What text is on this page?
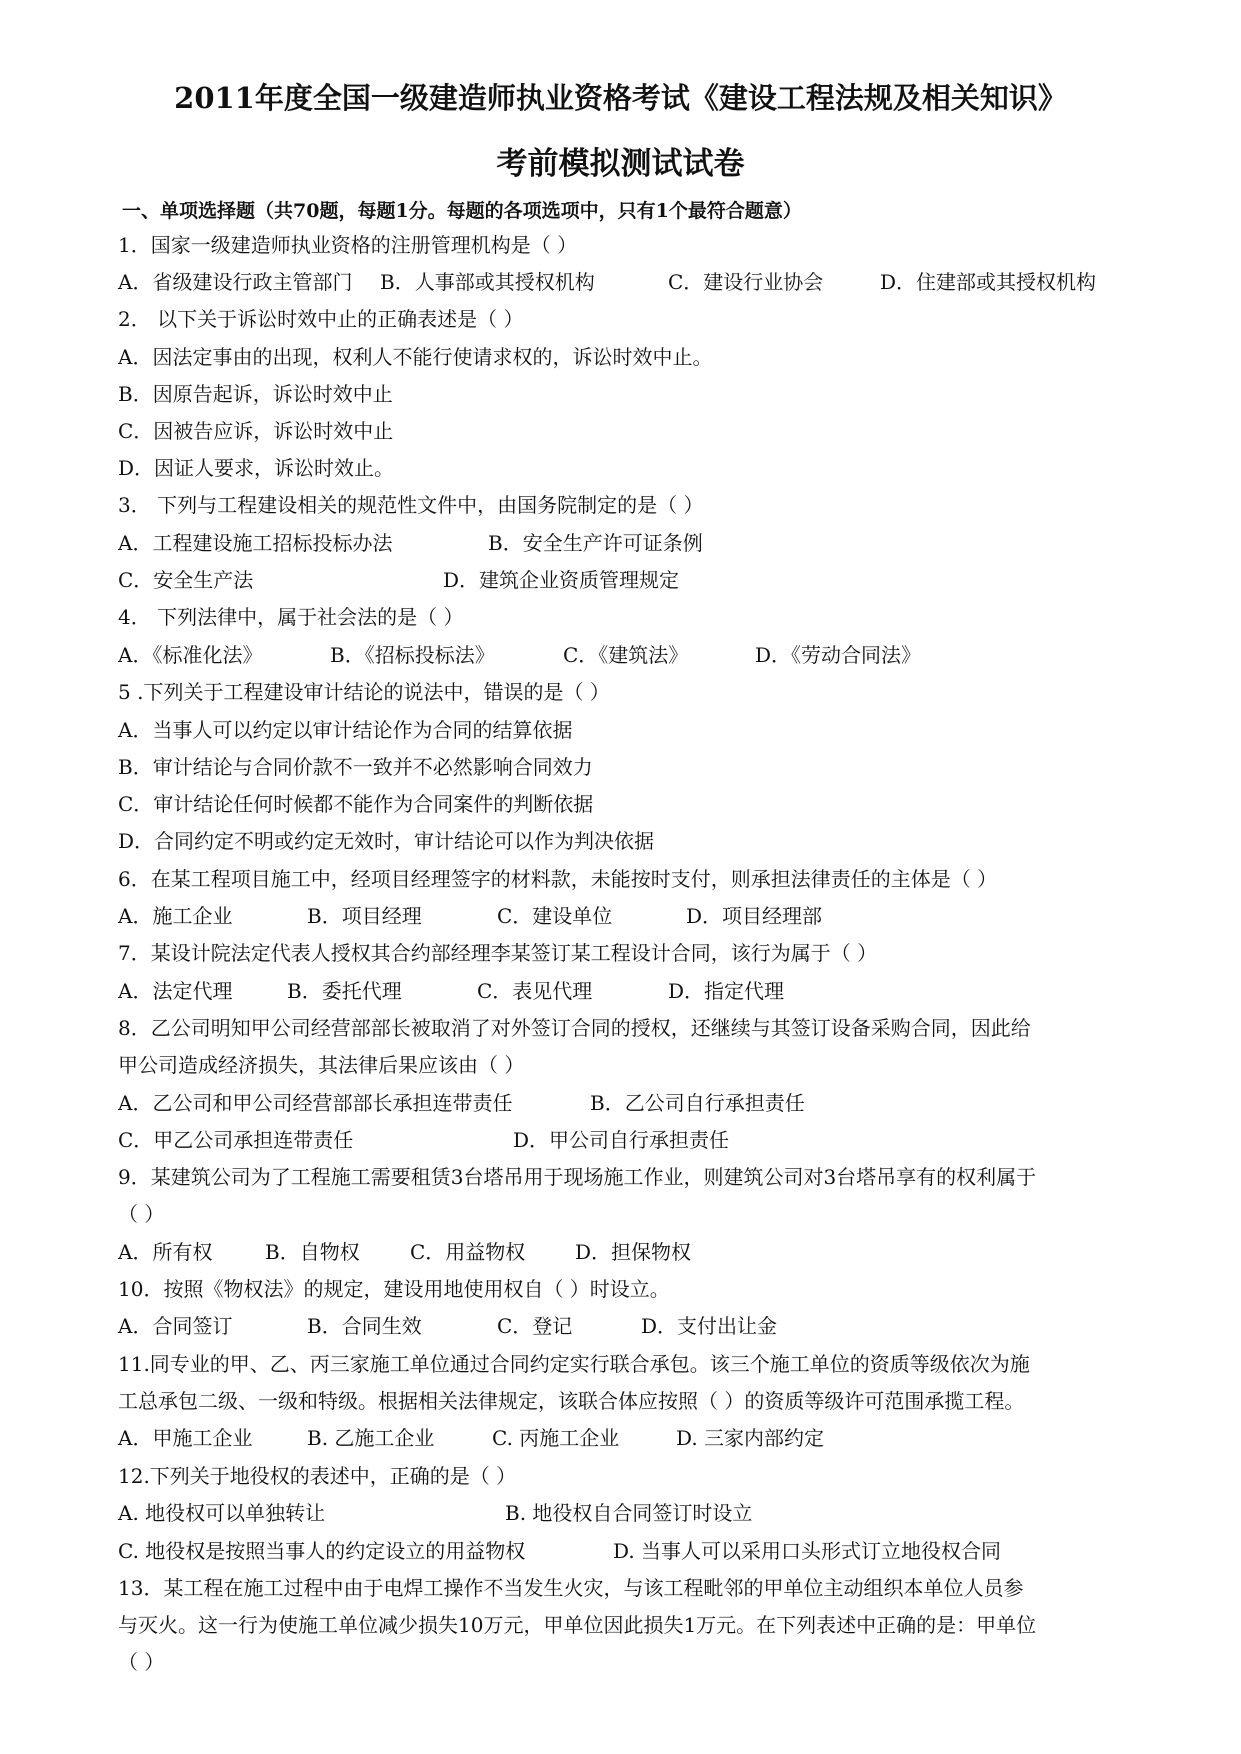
2011年度全国一级建造师执业资格考试《建设工程法规及相关知识》
考前模拟测试试卷
一、单项选择题（共70题，每题1分。每题的各项选项中，只有1个最符合题意）
1．国家一级建造师执业资格的注册管理机构是（ ）
A．省级建设行政主管部门 B．人事部或其授权机构	C．建设行业协会	D．住建部或其授权机构
2． 以下关于诉讼时效中止的正确表述是（ ）
A．因法定事由的出现，权利人不能行使请求权的，诉讼时效中止。
B．因原告起诉，诉讼时效中止
C．因被告应诉，诉讼时效中止
D．因证人要求，诉讼时效止。
3． 下列与工程建设相关的规范性文件中，由国务院制定的是（ ）
A．工程建设施工招标投标办法	B．安全生产许可证条例
C．安全生产法	D．建筑企业资质管理规定
4． 下列法律中，属于社会法的是（ ）
A．《标准化法》	B．《招标投标法》	C．《建筑法》	D．《劳动合同法》
5 .下列关于工程建设审计结论的说法中，错误的是（ ）
A．当事人可以约定以审计结论作为合同的结算依据
B．审计结论与合同价款不一致并不必然影响合同效力
C．审计结论任何时候都不能作为合同案件的判断依据
D．合同约定不明或约定无效时，审计结论可以作为判决依据
6．在某工程项目施工中，经项目经理签字的材料款，未能按时支付，则承担法律责任的主体是（ ）
A．施工企业	B．项目经理	C．建设单位	D．项目经理部
7．某设计院法定代表人授权其合约部经理李某签订某工程设计合同，该行为属于（ ）
A．法定代理	B．委托代理	C．表见代理	D．指定代理
8．乙公司明知甲公司经营部部长被取消了对外签订合同的授权，还继续与其签订设备采购合同，因此给
甲公司造成经济损失，其法律后果应该由（ ）
A．乙公司和甲公司经营部部长承担连带责任	B．乙公司自行承担责任
C．甲乙公司承担连带责任	D．甲公司自行承担责任
9．某建筑公司为了工程施工需要租赁3台塔吊用于现场施工作业，则建筑公司对3台塔吊享有的权利属于
（ ）
A．所有权	B．自物权	C．用益物权 D．担保物权
10．按照《物权法》的规定，建设用地使用权自（ ）时设立。
A．合同签订	B．合同生效	C．登记	D．支付出让金
11.同专业的甲、乙、丙三家施工单位通过合同约定实行联合承包。该三个施工单位的资质等级依次为施
工总承包二级、一级和特级。根据相关法律规定，该联合体应按照（ ）的资质等级许可范围承揽工程。
A．甲施工企业	B. 乙施工企业	C. 丙施工企业	D. 三家内部约定
12.下列关于地役权的表述中，正确的是（ ）
A. 地役权可以单独转让	B. 地役权自合同签订时设立
C. 地役权是按照当事人的约定设立的用益物权	D. 当事人可以采用口头形式订立地役权合同
13．某工程在施工过程中由于电焊工操作不当发生火灾，与该工程毗邻的甲单位主动组织本单位人员参
与灭火。这一行为使施工单位减少损失10万元，甲单位因此损失1万元。在下列表述中正确的是：甲单位
（ ）
